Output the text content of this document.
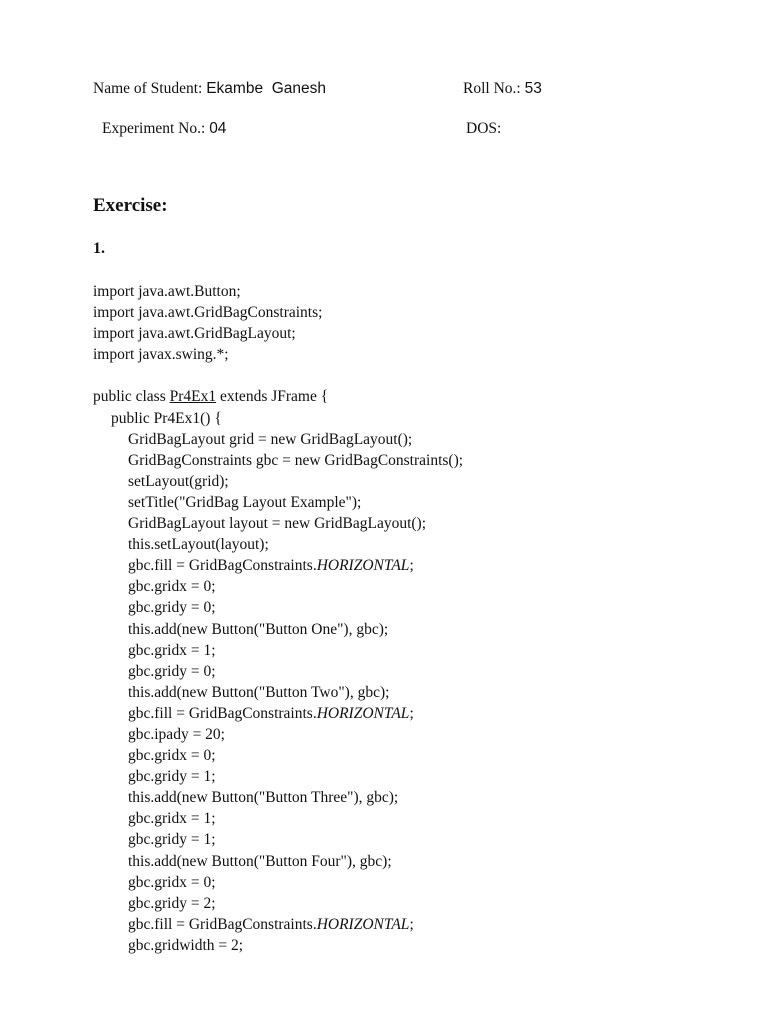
Name of Student: Ekambe  Ganesh	Roll No.: 53
Experiment No.: 04	DOS:
Exercise:
1.
import java.awt.Button;
import java.awt.GridBagConstraints;
import java.awt.GridBagLayout;
import javax.swing.*;
public class Pr4Ex1 extends JFrame {
public Pr4Ex1() {
GridBagLayout grid = new GridBagLayout();
GridBagConstraints gbc = new GridBagConstraints();
setLayout(grid);
setTitle("GridBag Layout Example");
GridBagLayout layout = new GridBagLayout();
this.setLayout(layout);
gbc.fill = GridBagConstraints.HORIZONTAL;
gbc.gridx = 0;
gbc.gridy = 0;
this.add(new Button("Button One"), gbc);
gbc.gridx = 1;
gbc.gridy = 0;
this.add(new Button("Button Two"), gbc);
gbc.fill = GridBagConstraints.HORIZONTAL;
gbc.ipady = 20;
gbc.gridx = 0;
gbc.gridy = 1;
this.add(new Button("Button Three"), gbc);
gbc.gridx = 1;
gbc.gridy = 1;
this.add(new Button("Button Four"), gbc);
gbc.gridx = 0;
gbc.gridy = 2;
gbc.fill = GridBagConstraints.HORIZONTAL;
gbc.gridwidth = 2;
